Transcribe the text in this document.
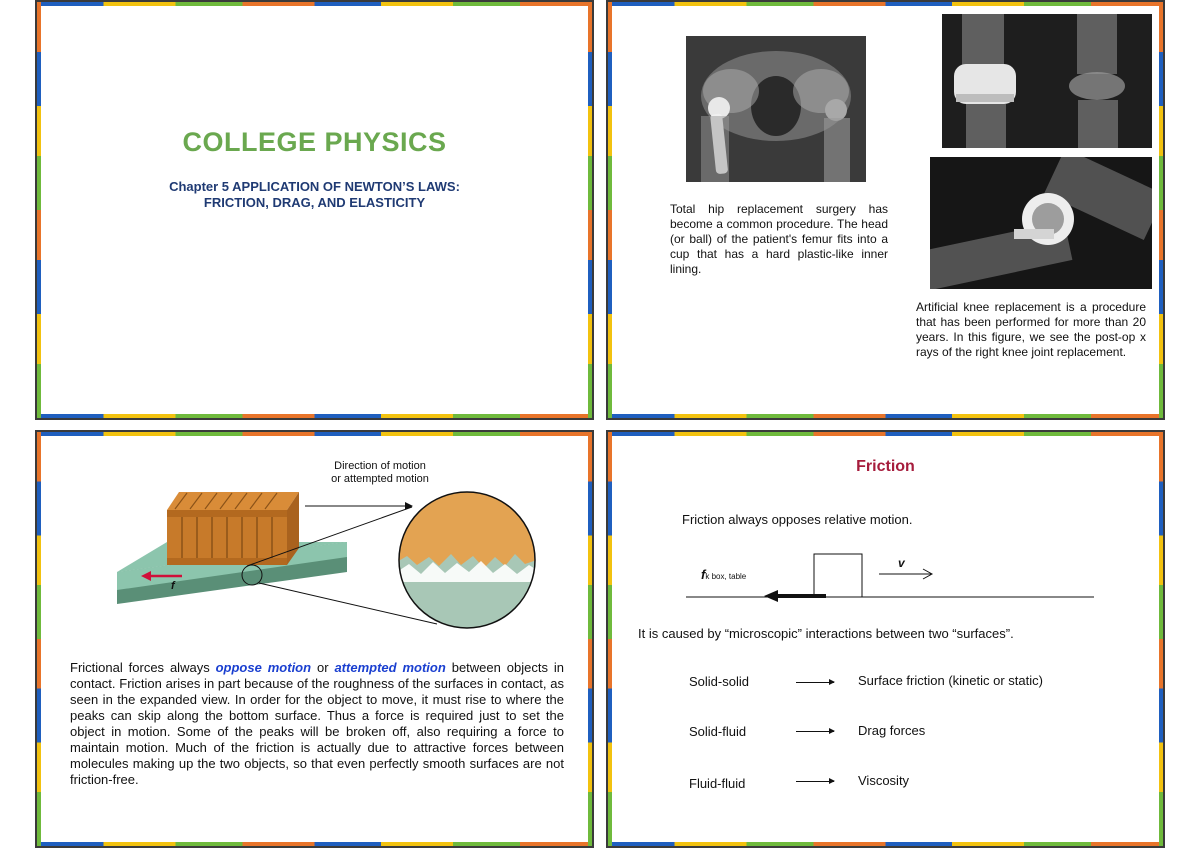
COLLEGE PHYSICS
Chapter 5 APPLICATION OF NEWTON’S LAWS:
FRICTION, DRAG, AND ELASTICITY	Total hip replacement surgery has become a common procedure. The head (or ball) of the patient's femur fits into a cup that has a hard plastic-like inner lining.
Artificial knee replacement is a procedure that has been performed for more than 20 years. In this figure, we see the post-op x rays of the right knee joint replacement.
Direction of motion
or attempted motion
f
Frictional forces always oppose motion or attempted motion between objects in contact. Friction arises in part because of the roughness of the surfaces in contact, as seen in the expanded view. In order for the object to move, it must rise to where the peaks can skip along the bottom surface. Thus a force is required just to set the object in motion. Some of the peaks will be broken off, also requiring a force to maintain motion. Much of the friction is actually due to attractive forces between molecules making up the two objects, so that even perfectly smooth surfaces are not friction-free.
Friction
Friction always opposes relative motion.
fk box, table
v
It is caused by “microscopic” interactions between two “surfaces”.
Solid-solid	Surface friction (kinetic or static)
Solid-fluid	Drag forces
Fluid-fluid	Viscosity
